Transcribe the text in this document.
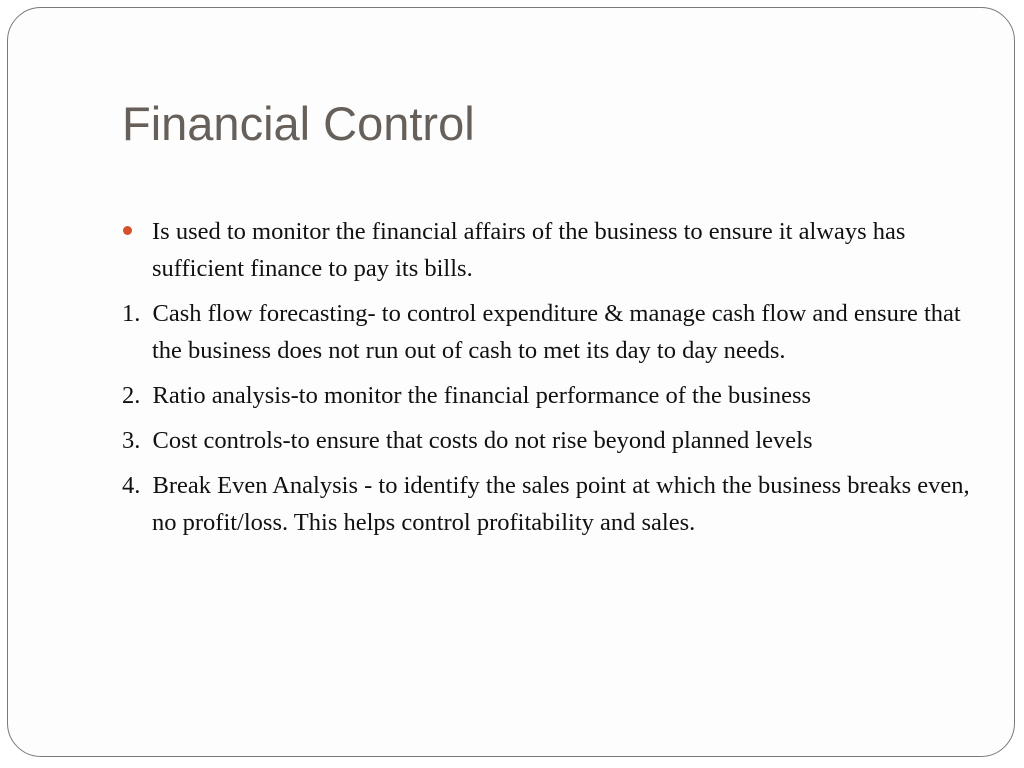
Financial Control

Is used to monitor the financial affairs of the business to ensure it always has sufficient finance to pay its bills.

1. Cash flow forecasting- to control expenditure & manage cash flow and ensure that the business does not run out of cash to met its day to day needs.

2. Ratio analysis-to monitor the financial performance of the business

3. Cost controls-to ensure that costs do not rise beyond planned levels

4. Break Even Analysis - to identify the sales point at which the business breaks even, no profit/loss. This helps control profitability and sales.
